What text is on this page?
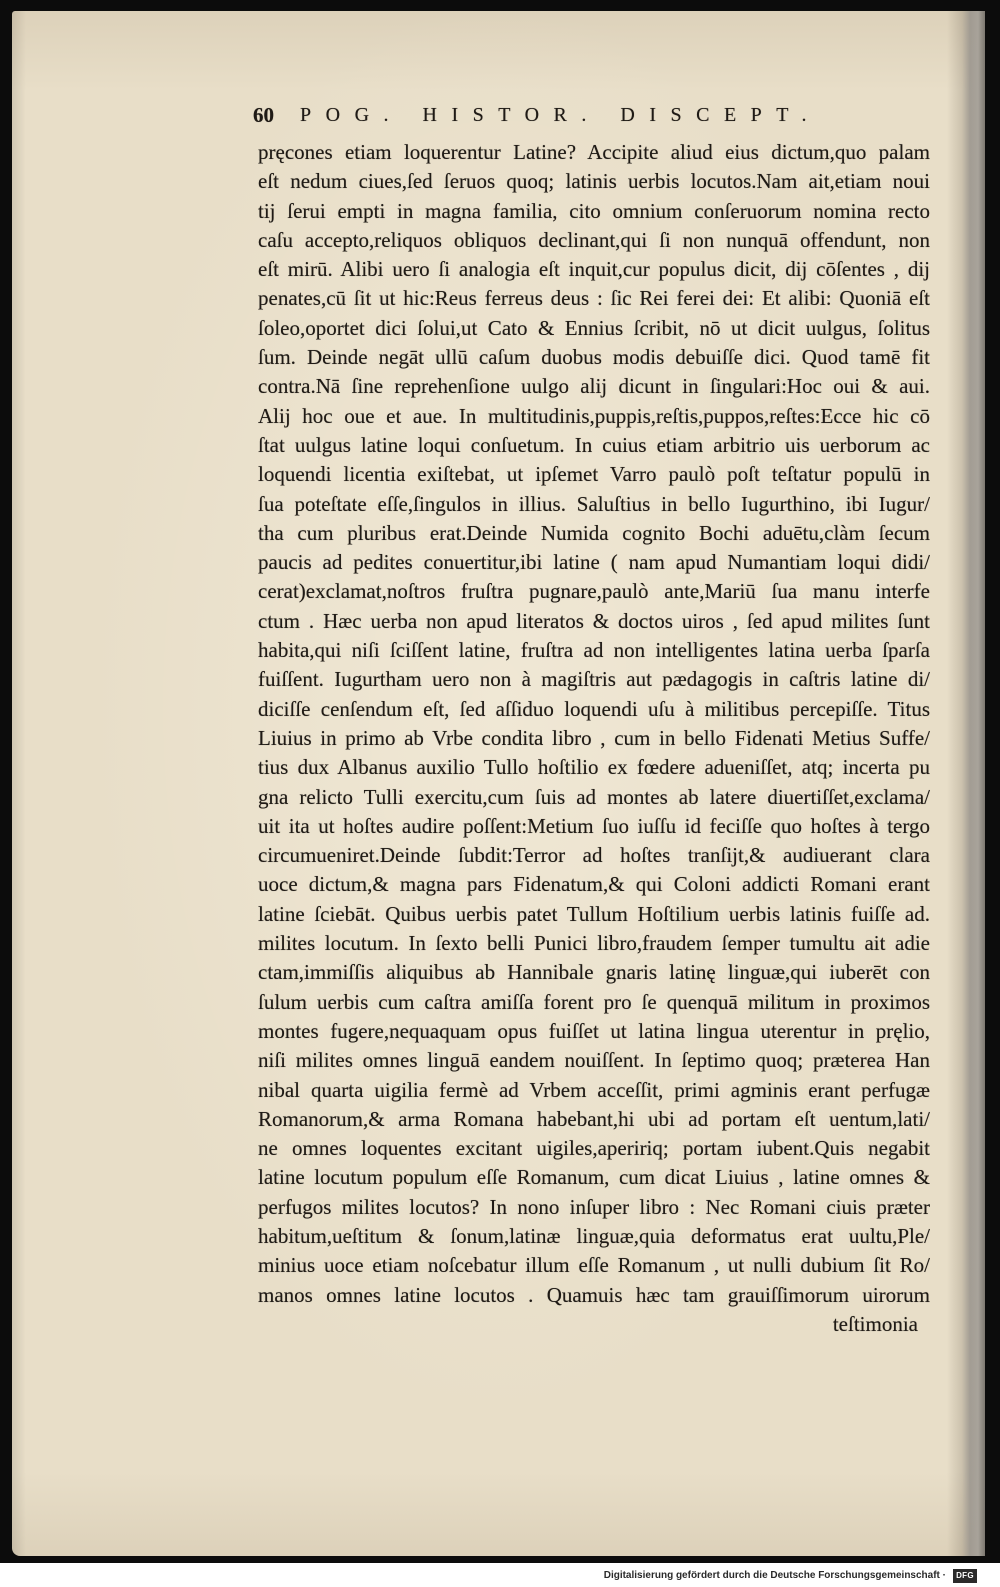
60 POG. HISTOR. DISCEPT.
pręcones etiam loquerentur Latine? Accipite aliud eius dictum,quo palam
eſt nedum ciues,ſed ſeruos quoq; latinis uerbis locutos.Nam ait,etiam noui
tij ſerui empti in magna familia, cito omnium conſeruorum nomina recto
caſu accepto,reliquos obliquos declinant,qui ſi non nunquā offendunt, non
eſt mirū. Alibi uero ſi analogia eſt inquit,cur populus dicit, dij cōſentes , dij
penates,cū ſit ut hic:Reus ferreus deus : ſic Rei ferei dei: Et alibi: Quoniā eſt
ſoleo,oportet dici ſolui,ut Cato & Ennius ſcribit, nō ut dicit uulgus, ſolitus
ſum. Deinde negāt ullū caſum duobus modis debuiſſe dici. Quod tamē fit
contra.Nā ſine reprehenſione uulgo alij dicunt in ſingulari:Hoc oui & aui.
Alij hoc oue et aue. In multitudinis,puppis,reſtis,puppos,reſtes:Ecce hic cō
ſtat uulgus latine loqui conſuetum. In cuius etiam arbitrio uis uerborum ac
loquendi licentia exiſtebat, ut ipſemet Varro paulò poſt teſtatur populū in
ſua poteſtate eſſe,ſingulos in illius. Saluſtius in bello Iugurthino, ibi Iugur/
tha cum pluribus erat.Deinde Numida cognito Bochi aduētu,clàm ſecum
paucis ad pedites conuertitur,ibi latine ( nam apud Numantiam loqui didi/
cerat)exclamat,noſtros fruſtra pugnare,paulò ante,Mariū ſua manu interfe
ctum . Hæc uerba non apud literatos & doctos uiros , ſed apud milites ſunt
habita,qui niſi ſciſſent latine, fruſtra ad non intelligentes latina uerba ſparſa
fuiſſent. Iugurtham uero non à magiſtris aut pædagogis in caſtris latine di/
diciſſe cenſendum eſt, ſed aſſiduo loquendi uſu à militibus percepiſſe. Titus
Liuius in primo ab Vrbe condita libro , cum in bello Fidenati Metius Suffe/
tius dux Albanus auxilio Tullo hoſtilio ex fœdere adueniſſet, atq; incerta pu
gna relicto Tulli exercitu,cum ſuis ad montes ab latere diuertiſſet,exclama/
uit ita ut hoſtes audire poſſent:Metium ſuo iuſſu id feciſſe quo hoſtes à tergo
circumueniret.Deinde ſubdit:Terror ad hoſtes tranſijt,& audiuerant clara
uoce dictum,& magna pars Fidenatum,& qui Coloni addicti Romani erant
latine ſciebāt. Quibus uerbis patet Tullum Hoſtilium uerbis latinis fuiſſe ad.
milites locutum. In ſexto belli Punici libro,fraudem ſemper tumultu ait adie
ctam,immiſſis aliquibus ab Hannibale gnaris latinę linguæ,qui iuberēt con
ſulum uerbis cum caſtra amiſſa forent pro ſe quenquā militum in proximos
montes fugere,nequaquam opus fuiſſet ut latina lingua uterentur in pręlio,
niſi milites omnes linguā eandem nouiſſent. In ſeptimo quoq; præterea Han
nibal quarta uigilia fermè ad Vrbem acceſſit, primi agminis erant perfugæ
Romanorum,& arma Romana habebant,hi ubi ad portam eſt uentum,lati/
ne omnes loquentes excitant uigiles,apeririq; portam iubent.Quis negabit
latine locutum populum eſſe Romanum, cum dicat Liuius , latine omnes &
perfugos milites locutos? In nono inſuper libro : Nec Romani ciuis præter
habitum,ueſtitum & ſonum,latinæ linguæ,quia deformatus erat uultu,Ple/
minius uoce etiam noſcebatur illum eſſe Romanum , ut nulli dubium ſit Ro/
manos omnes latine locutos . Quamuis hæc tam grauiſſimorum uirorum
teſtimonia
Digitalisierung gefördert durch die Deutsche Forschungsgemeinschaft ·	DFG
